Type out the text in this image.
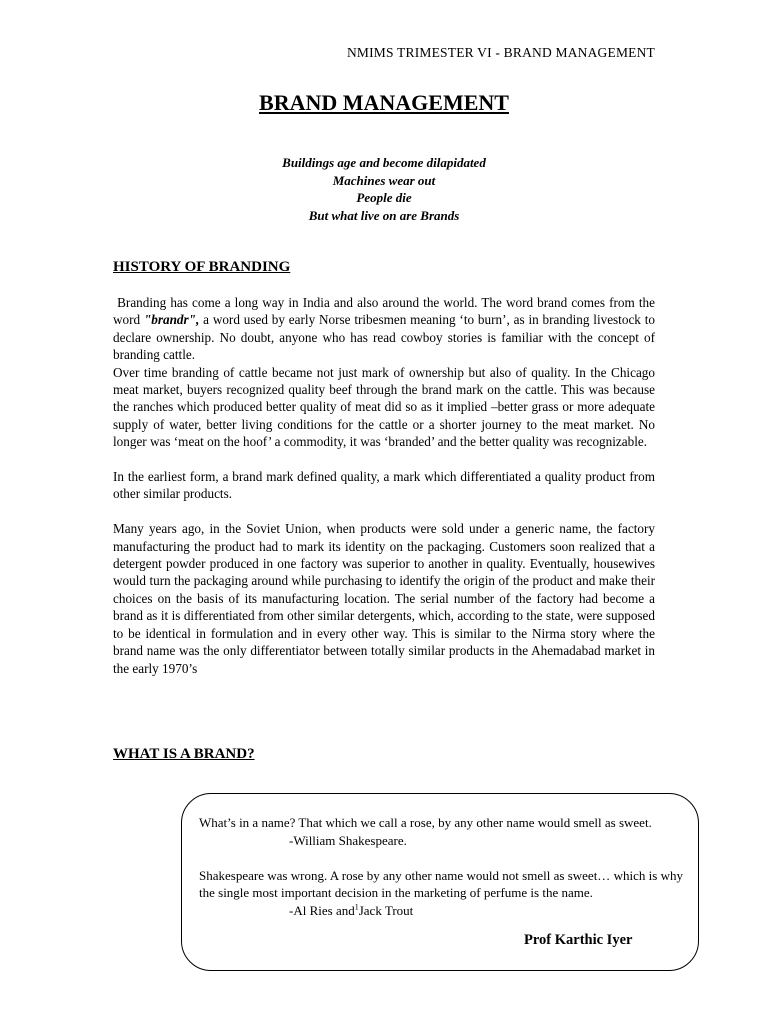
NMIMS TRIMESTER VI - BRAND MANAGEMENT
BRAND MANAGEMENT
Buildings age and become dilapidated
Machines wear out
People die
But what live on are Brands
HISTORY OF BRANDING

Branding has come a long way in India and also around the world. The word brand comes from the word "brandr", a word used by early Norse tribesmen meaning ‘to burn’, as in branding livestock to declare ownership. No doubt, anyone who has read cowboy stories is familiar with the concept of branding cattle.

Over time branding of cattle became not just mark of ownership but also of quality. In the Chicago meat market, buyers recognized quality beef through the brand mark on the cattle. This was because the ranches which produced better quality of meat did so as it implied –better grass or more adequate supply of water, better living conditions for the cattle or a shorter journey to the meat market. No longer was ‘meat on the hoof’ a commodity, it was ‘branded’ and the better quality was recognizable.

In the earliest form, a brand mark defined quality, a mark which differentiated a quality product from other similar products.

Many years ago, in the Soviet Union, when products were sold under a generic name, the factory manufacturing the product had to mark its identity on the packaging. Customers soon realized that a detergent powder produced in one factory was superior to another in quality. Eventually, housewives would turn the packaging around while purchasing to identify the origin of the product and make their choices on the basis of its manufacturing location. The serial number of the factory had become a brand as it is differentiated from other similar detergents, which, according to the state, were supposed to be identical in formulation and in every other way. This is similar to the Nirma story where the brand name was the only differentiator between totally similar products in the Ahemadabad market in the early 1970’s

WHAT IS A BRAND?

What’s in a name? That which we call a rose, by any other name would smell as sweet.

-William Shakespeare.

Shakespeare was wrong. A rose by any other name would not smell as sweet… which is why the single most important decision in the marketing of perfume is the name.

-Al Ries and$^1$Jack Trout

Prof Karthic Iyer
